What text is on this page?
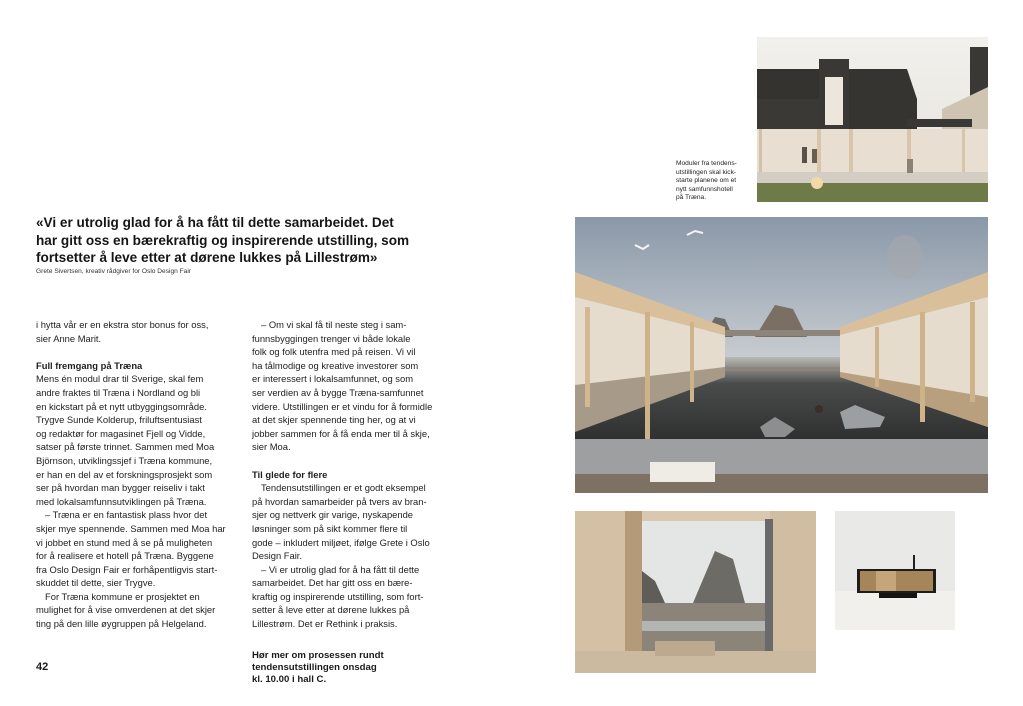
«Vi er utrolig glad for å ha fått til dette samarbeidet. Det
har gitt oss en bærekraftig og inspirerende utstilling, som
fortsetter å leve etter at dørene lukkes på Lillestrøm»
Grete Sivertsen, kreativ rådgiver for Oslo Design Fair

i hytta vår er en ekstra stor bonus for oss,

sier Anne Marit.

Full fremgang på Træna

Mens én modul drar til Sverige, skal fem

andre fraktes til Træna i Nordland og bli

en kickstart på et nytt utbyggingsområde.

Trygve Sunde Kolderup, friluftsentusiast

og redaktør for magasinet Fjell og Vidde,

satser på første trinnet. Sammen med Moa

Björnson, utviklingssjef i Træna kommune,

er han en del av et forskningsprosjekt som

ser på hvordan man bygger reiseliv i takt

med lokalsamfunnsutviklingen på Træna.

– Træna er en fantastisk plass hvor det

skjer mye spennende. Sammen med Moa har

vi jobbet en stund med å se på muligheten

for å realisere et hotell på Træna. Byggene

fra Oslo Design Fair er forhåpentligvis start-

skuddet til dette, sier Trygve.

For Træna kommune er prosjektet en

mulighet for å vise omverdenen at det skjer

ting på den lille øygruppen på Helgeland.

– Om vi skal få til neste steg i sam-

funnsbyggingen trenger vi både lokale

folk og folk utenfra med på reisen. Vi vil

ha tålmodige og kreative investorer som

er interessert i lokalsamfunnet, og som

ser verdien av å bygge Træna-samfunnet

videre. Utstillingen er et vindu for å formidle

at det skjer spennende ting her, og at vi

jobber sammen for å få enda mer til å skje,

sier Moa.

Til glede for flere

Tendensutstillingen er et godt eksempel

på hvordan samarbeider på tvers av bran-

sjer og nettverk gir varige, nyskapende

løsninger som på sikt kommer flere til

gode – inkludert miljøet, ifølge Grete i Oslo

Design Fair.

– Vi er utrolig glad for å ha fått til dette

samarbeidet. Det har gitt oss en bære-

kraftig og inspirerende utstilling, som fort-

setter å leve etter at dørene lukkes på

Lillestrøm. Det er Rethink i praksis.

42
Hør mer om prosessen rundt
tendensutstillingen onsdag
kl. 10.00 i hall C.
Moduler fra tendens-
utstillingen skal kick-
starte planene om et
nytt samfunnshotell
på Træna.
